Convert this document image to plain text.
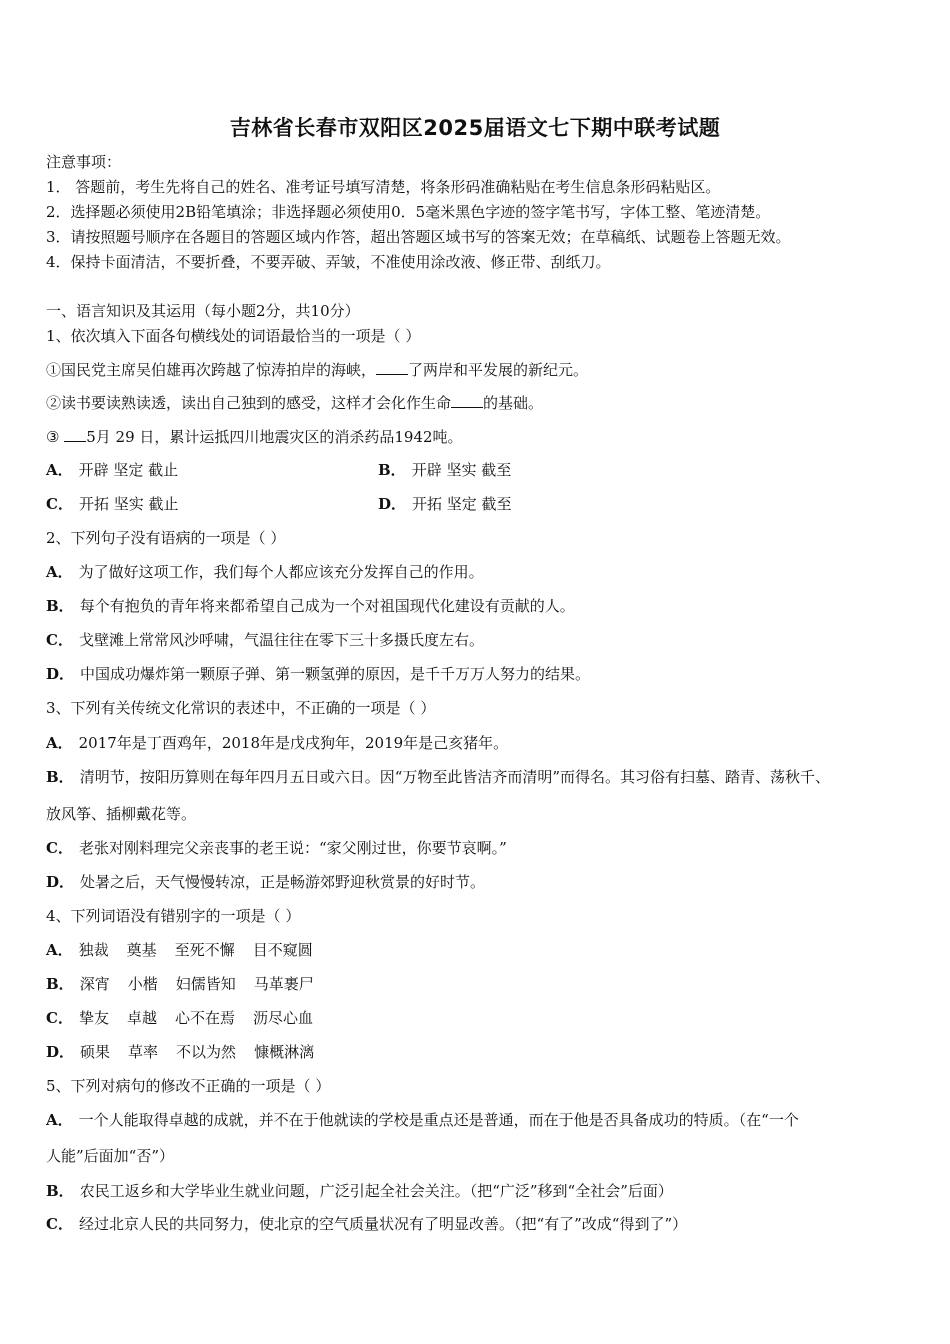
吉林省长春市双阳区2025届语文七下期中联考试题
注意事项：
1． 答题前，考生先将自己的姓名、准考证号填写清楚，将条形码准确粘贴在考生信息条形码粘贴区。
2．选择题必须使用2B铅笔填涂；非选择题必须使用0．5毫米黑色字迹的签字笔书写，字体工整、笔迹清楚。
3．请按照题号顺序在各题目的答题区域内作答，超出答题区域书写的答案无效；在草稿纸、试题卷上答题无效。
4．保持卡面清洁，不要折叠，不要弄破、弄皱，不准使用涂改液、修正带、刮纸刀。
一、语言知识及其运用（每小题2分，共10分）
1、依次填入下面各句横线处的词语最恰当的一项是（ ）
①国民党主席吴伯雄再次跨越了惊涛拍岸的海峡， 了两岸和平发展的新纪元。
②读书要读熟读透，读出自己独到的感受，这样才会化作生命 的基础。
③ 5月 29 日，累计运抵四川地震灾区的消杀药品1942吨。
A． 开辟 坚定 截止	B． 开辟 坚实 截至
C． 开拓 坚实 截止	D． 开拓 坚定 截至
2、下列句子没有语病的一项是（ ）
A． 为了做好这项工作，我们每个人都应该充分发挥自己的作用。
B． 每个有抱负的青年将来都希望自己成为一个对祖国现代化建设有贡献的人。
C． 戈壁滩上常常风沙呼啸，气温往往在零下三十多摄氏度左右。
D． 中国成功爆炸第一颗原子弹、第一颗氢弹的原因，是千千万万人努力的结果。
3、下列有关传统文化常识的表述中，不正确的一项是（ ）
A． 2017年是丁酉鸡年，2018年是戊戌狗年，2019年是己亥猪年。
B． 清明节，按阳历算则在每年四月五日或六日。因“万物至此皆洁齐而清明”而得名。其习俗有扫墓、踏青、荡秋千、
放风筝、插柳戴花等。
C． 老张对刚料理完父亲丧事的老王说：“家父刚过世，你要节哀啊。”
D． 处暑之后，天气慢慢转凉，正是畅游郊野迎秋赏景的好时节。
4、下列词语没有错别字的一项是（ ）
A． 独裁 奠基 至死不懈 目不窥圆
B． 深宵 小楷 妇儒皆知 马革裹尸
C． 挚友 卓越 心不在焉 沥尽心血
D． 硕果 草率 不以为然 慷概淋漓
5、下列对病句的修改不正确的一项是（ ）
A． 一个人能取得卓越的成就，并不在于他就读的学校是重点还是普通，而在于他是否具备成功的特质。（在“一个
人能”后面加“否”）
B． 农民工返乡和大学毕业生就业问题，广泛引起全社会关注。（把“广泛”移到“全社会”后面）
C． 经过北京人民的共同努力，使北京的空气质量状况有了明显改善。（把“有了”改成“得到了”）
